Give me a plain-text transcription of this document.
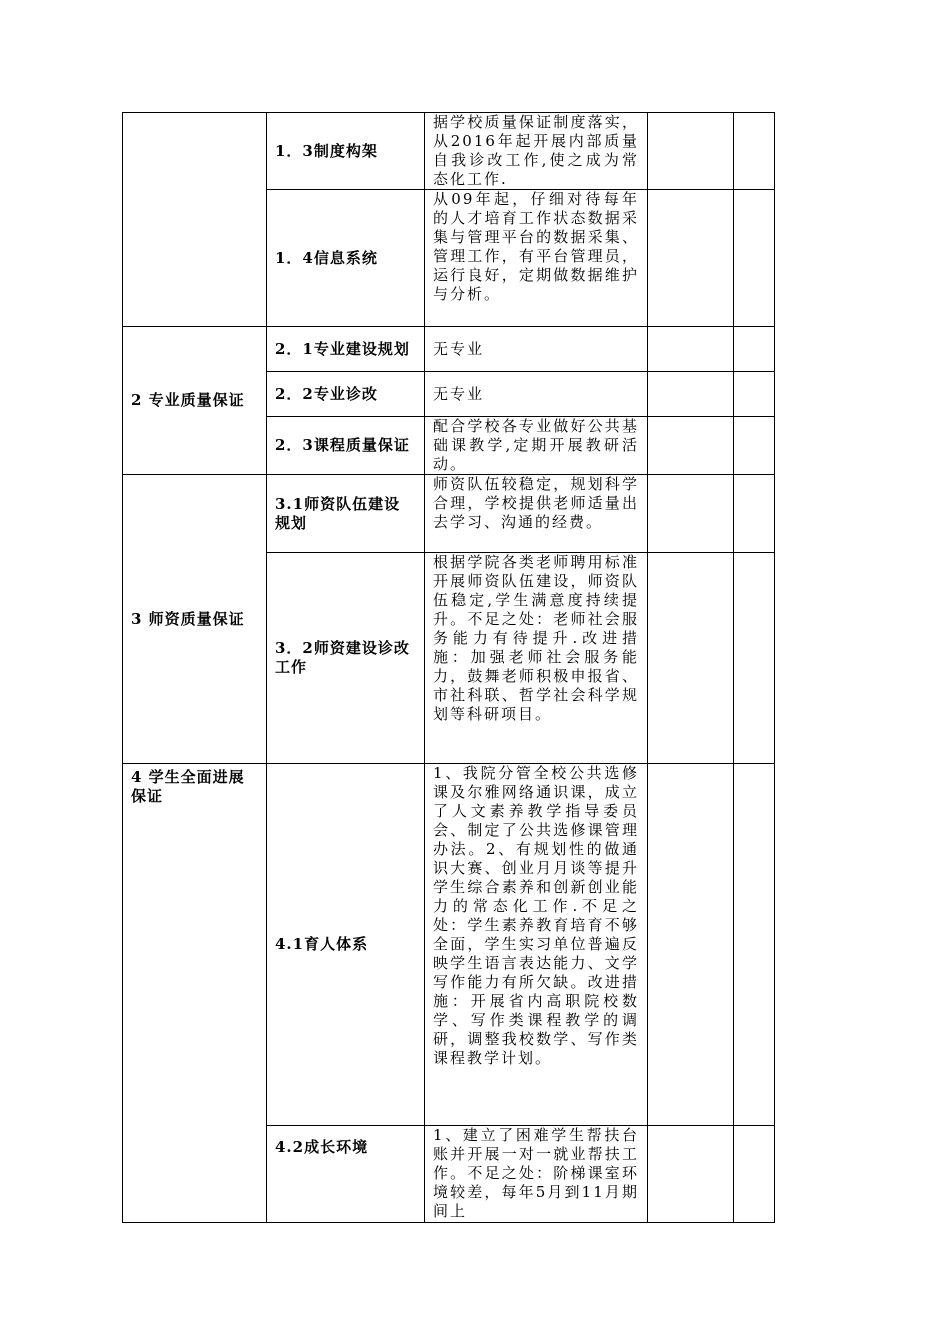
	1．3制度构架	据学校质量保证制度落实，从2016年起开展内部质量自我诊改工作,使之成为常态化工作.		
	1．4信息系统	从09年起，仔细对待每年的人才培育工作状态数据采集与管理平台的数据采集、管理工作，有平台管理员，运行良好，定期做数据维护与分析。		
2 专业质量保证	2．1专业建设规划	无专业		
	2．2专业诊改	无专业		
	2．3课程质量保证	配合学校各专业做好公共基础课教学,定期开展教研活动。		
3 师资质量保证	3.1师资队伍建设规划	师资队伍较稳定，规划科学合理，学校提供老师适量出去学习、沟通的经费。		
	3．2师资建设诊改工作	根据学院各类老师聘用标准开展师资队伍建设，师资队伍稳定,学生满意度持续提升。不足之处：老师社会服务能力有待提升.改进措施：加强老师社会服务能力，鼓舞老师积极申报省、市社科联、哲学社会科学规划等科研项目。		
4 学生全面进展保证	4.1育人体系	1、我院分管全校公共选修课及尔雅网络通识课，成立了人文素养教学指导委员会、制定了公共选修课管理办法。2、有规划性的做通识大赛、创业月月谈等提升学生综合素养和创新创业能力的常态化工作.不足之处：学生素养教育培育不够全面，学生实习单位普遍反映学生语言表达能力、文学写作能力有所欠缺。改进措施：开展省内高职院校数学、写作类课程教学的调研，调整我校数学、写作类课程教学计划。		
	4.2成长环境	1、建立了困难学生帮扶台账并开展一对一就业帮扶工作。不足之处：阶梯课室环境较差，每年5月到11月期间上		
